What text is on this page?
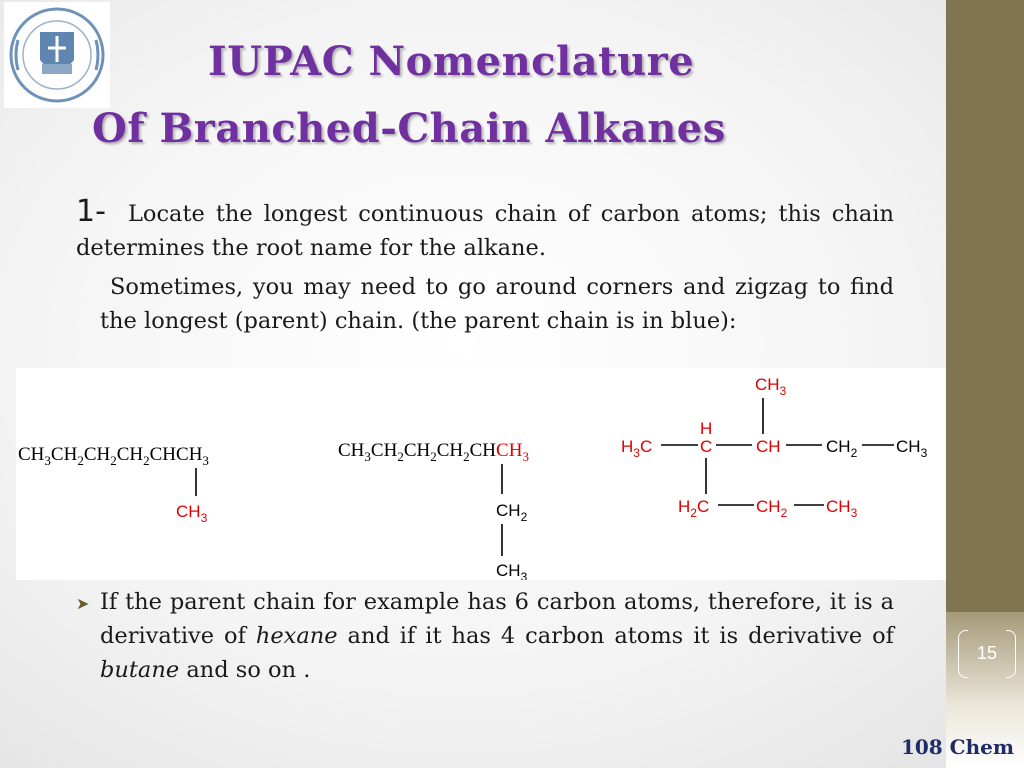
IUPAC Nomenclature
Of Branched-Chain Alkanes
15
108 Chem

1- Locate the longest continuous chain of carbon atoms; this chain determines the root name for the alkane.

Sometimes, you may need to go around corners and zigzag to find the longest (parent) chain. (the parent chain is in blue):

$CH_3CH_2CH_2CH_2CHCH_3$
$CH_3$
$CH_3CH_2CH_2CH_2CHCH_3$
$CH_2$
$CH_3$
$CH_3$
H
$H_3C$	C	CH	$CH_2$ $CH_3$
$H_2C$	$CH_2$ $CH_3$
➤ If the parent chain for example has 6 carbon atoms, therefore, it is a derivative of hexane and if it has 4 carbon atoms it is derivative of butane and so on .
